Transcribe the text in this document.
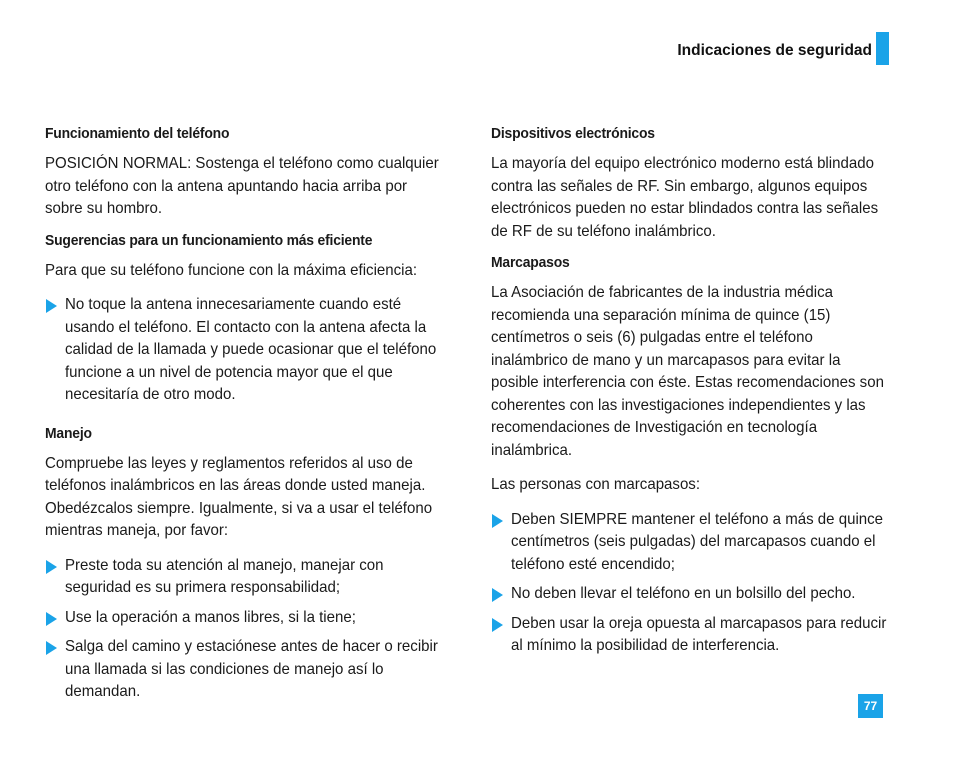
Indicaciones de seguridad
Funcionamiento del teléfono

POSICIÓN NORMAL: Sostenga el teléfono como cualquier otro teléfono con la antena apuntando hacia arriba por sobre su hombro.

Sugerencias para un funcionamiento más eficiente

Para que su teléfono funcione con la máxima eficiencia:

No toque la antena innecesariamente cuando esté usando el teléfono. El contacto con la antena afecta la calidad de la llamada y puede ocasionar que el teléfono funcione a un nivel de potencia mayor que el que necesitaría de otro modo.

Manejo

Compruebe las leyes y reglamentos referidos al uso de teléfonos inalámbricos en las áreas donde usted maneja. Obedézcalos siempre. Igualmente, si va a usar el teléfono mientras maneja, por favor:

Preste toda su atención al manejo, manejar con seguridad es su primera responsabilidad;

Use la operación a manos libres, si la tiene;

Salga del camino y estaciónese antes de hacer o recibir una llamada si las condiciones de manejo así lo demandan.

Dispositivos electrónicos

La mayoría del equipo electrónico moderno está blindado contra las señales de RF. Sin embargo, algunos equipos electrónicos pueden no estar blindados contra las señales de RF de su teléfono inalámbrico.

Marcapasos

La Asociación de fabricantes de la industria médica recomienda una separación mínima de quince (15) centímetros o seis (6) pulgadas entre el teléfono inalámbrico de mano y un marcapasos para evitar la posible interferencia con éste. Estas recomendaciones son coherentes con las investigaciones independientes y las recomendaciones de Investigación en tecnología inalámbrica.

Las personas con marcapasos:

Deben SIEMPRE mantener el teléfono a más de quince centímetros (seis pulgadas) del marcapasos cuando el teléfono esté encendido;

No deben llevar el teléfono en un bolsillo del pecho.

Deben usar la oreja opuesta al marcapasos para reducir al mínimo la posibilidad de interferencia.

77
